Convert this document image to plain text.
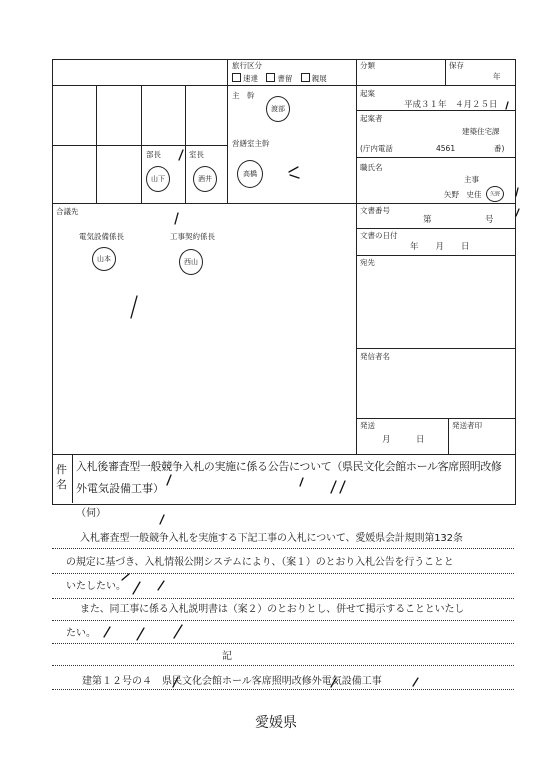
旅行区分
速達	書留	親展
分類	保存
年
主　幹
渡部
営繕室主幹
高橋
部長
山下
室長
酒井
起案
平成３１年　４月２５日
起案者
建築住宅課
(庁内電話	4561	番)
職氏名
主事
矢野　史佳	矢野
合議先
電気設備係長
山本
工事契約係長
西山
文書番号
第	号
文書の日付
年　　月　　日
宛先
発信者名
発送	発送者印
月　　　日
件
名
入札後審査型一般競争入札の実施に係る公告について（県民文化会館ホール客席照明改修
外電気設備工事）
（伺）
入札審査型一般競争入札を実施する下記工事の入札について、愛媛県会計規則第132条
の規定に基づき、入札情報公開システムにより、（案１）のとおり入札公告を行うことと
いたしたい。
また、同工事に係る入札説明書は（案２）のとおりとし、併せて掲示することといたし
たい。
記
建第１２号の４　県民文化会館ホール客席照明改修外電気設備工事
愛媛県
